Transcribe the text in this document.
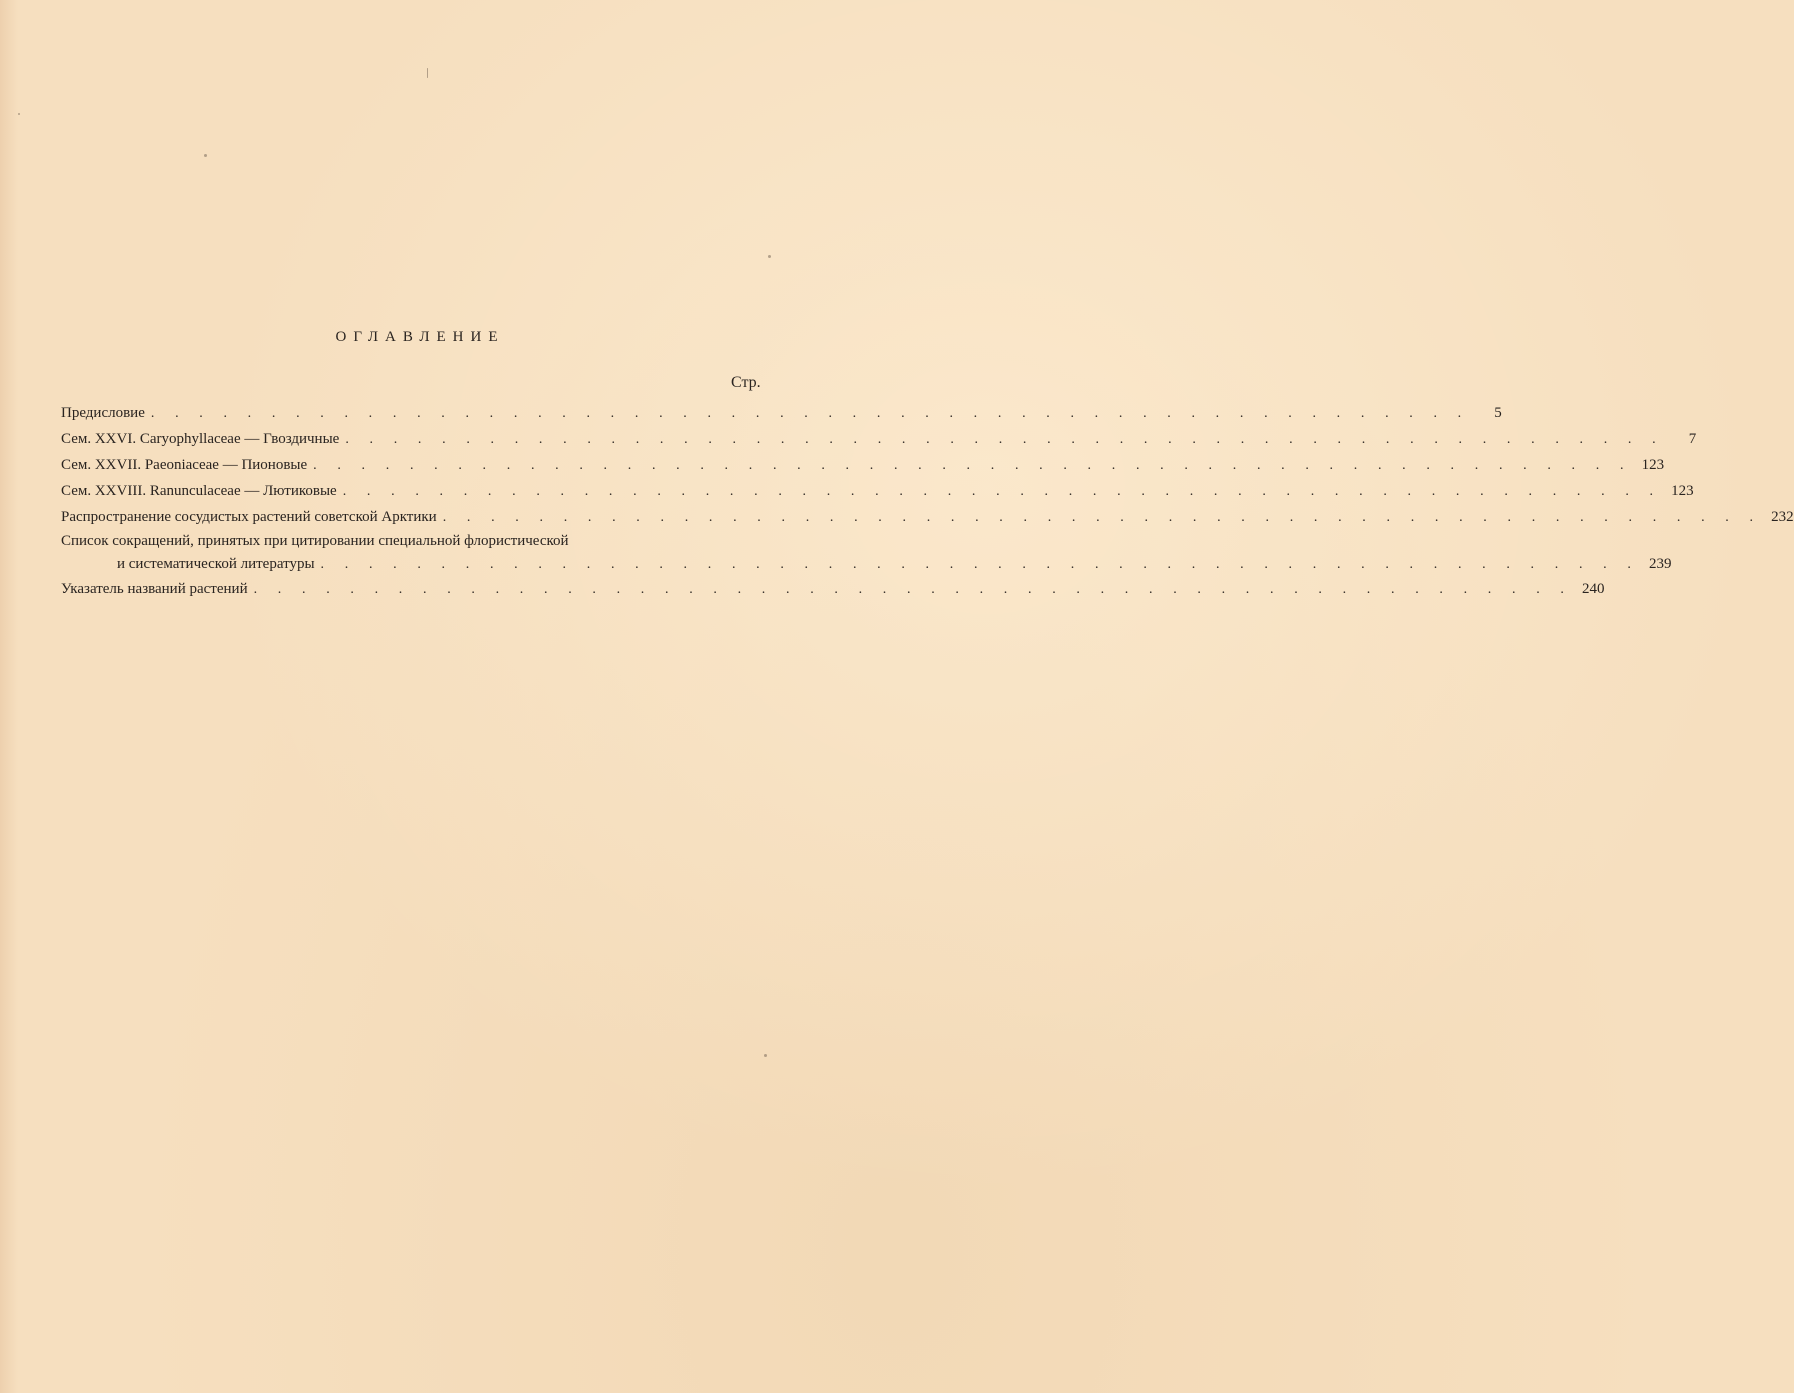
ОГЛАВЛЕНИЕ
Стр.
Предисловие . . . . . . . . . . . . . . . . . . . . . . . . . . . . . . . . . . . . . . . . . . . . . . . . . . . . . . .	5
Сем. XXVI. Caryophyllaceae — Гвоздичные . . . . . . . . . . . . . . . . . . . . . . . . . . . . . . . . . . . . . . . . . . . . . . . . . . . . . . .	7
Сем. XXVII. Paeoniaceae — Пионовые . . . . . . . . . . . . . . . . . . . . . . . . . . . . . . . . . . . . . . . . . . . . . . . . . . . . . . . 123
Сем. XXVIII. Ranunculaceae — Лютиковые . . . . . . . . . . . . . . . . . . . . . . . . . . . . . . . . . . . . . . . . . . . . . . . . . . . . . . . 123
Распространение сосудистых растений советской Арктики . . . . . . . . . . . . . . . . . . . . . . . . . . . . . . . . . . . . . . . . . . . . . . . . . . . . . . . 232
Список сокращений, принятых при цитировании специальной флористической
и систематической литературы . . . . . . . . . . . . . . . . . . . . . . . . . . . . . . . . . . . . . . . . . . . . . . . . . . . . . . . 239
Указатель названий растений . . . . . . . . . . . . . . . . . . . . . . . . . . . . . . . . . . . . . . . . . . . . . . . . . . . . . . . 240
